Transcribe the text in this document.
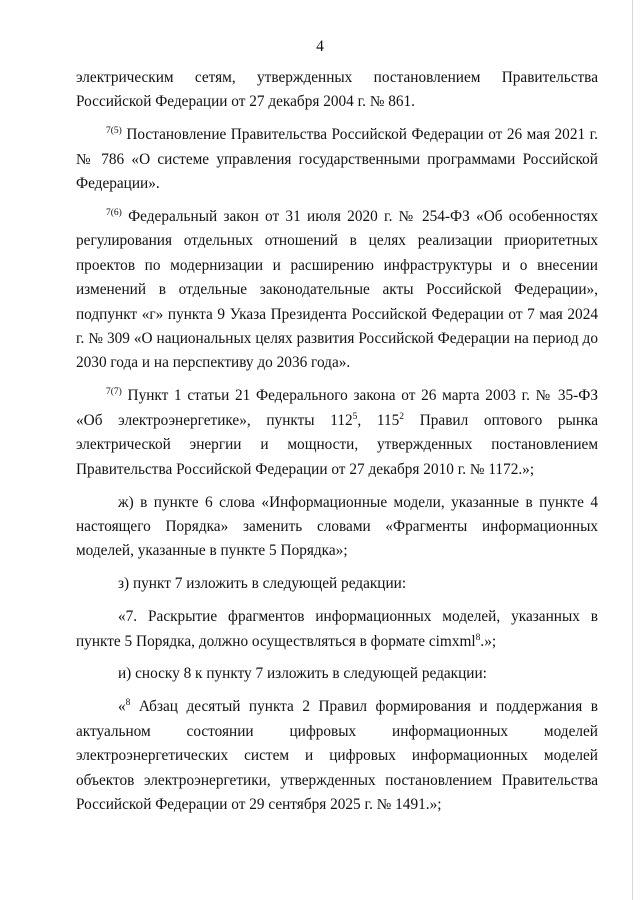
4

электрическим сетям, утвержденных постановлением Правительства Российской Федерации от 27 декабря 2004 г. № 861.

$^{7(5)}$ Постановление Правительства Российской Федерации от 26 мая 2021 г. № 786 «О системе управления государственными программами Российской Федерации».

$^{7(6)}$ Федеральный закон от 31 июля 2020 г. № 254-ФЗ «Об особенностях регулирования отдельных отношений в целях реализации приоритетных проектов по модернизации и расширению инфраструктуры и о внесении изменений в отдельные законодательные акты Российской Федерации», подпункт «г» пункта 9 Указа Президента Российской Федерации от 7 мая 2024 г. № 309 «О национальных целях развития Российской Федерации на период до 2030 года и на перспективу до 2036 года».

$^{7(7)}$ Пункт 1 статьи 21 Федерального закона от 26 марта 2003 г. № 35-ФЗ «Об электроэнергетике», пункты $112^5$, $115^2$ Правил оптового рынка электрической энергии и мощности, утвержденных постановлением Правительства Российской Федерации от 27 декабря 2010 г. № 1172.»;

ж) в пункте 6 слова «Информационные модели, указанные в пункте 4 настоящего Порядка» заменить словами «Фрагменты информационных моделей, указанные в пункте 5 Порядка»;

з) пункт 7 изложить в следующей редакции:

«7. Раскрытие фрагментов информационных моделей, указанных в пункте 5 Порядка, должно осуществляться в формате cimxml$^8$.»;

и) сноску 8 к пункту 7 изложить в следующей редакции:

«$^8$ Абзац десятый пункта 2 Правил формирования и поддержания в актуальном состоянии цифровых информационных моделей электроэнергетических систем и цифровых информационных моделей объектов электроэнергетики, утвержденных постановлением Правительства Российской Федерации от 29 сентября 2025 г. № 1491.»;
